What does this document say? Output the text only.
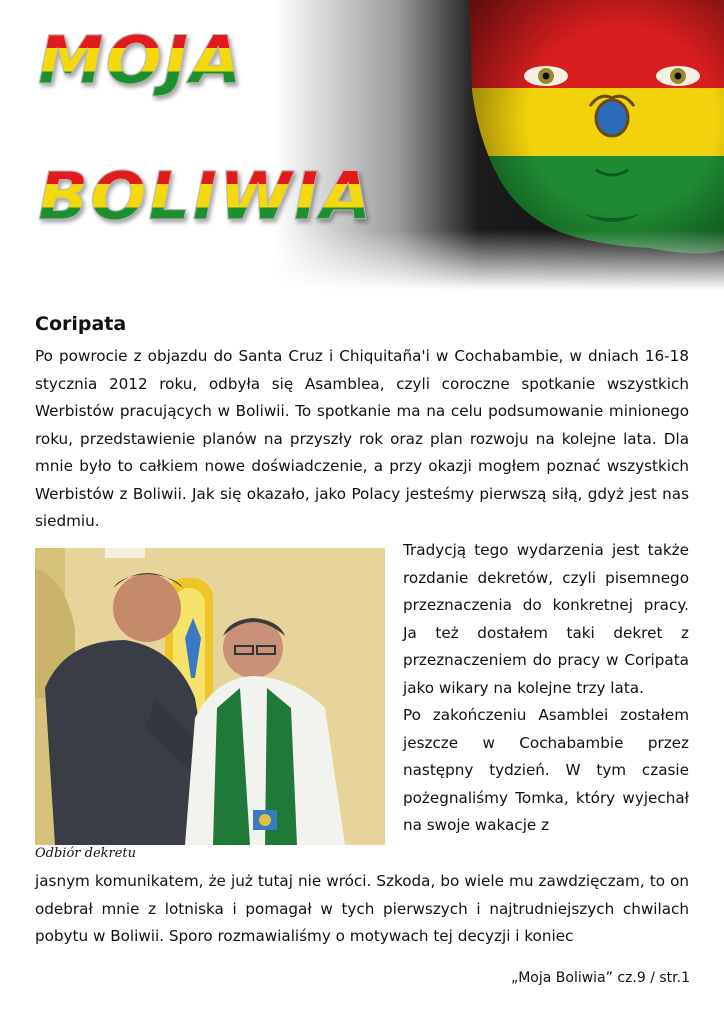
MOJA
BOLIWIA
Coripata

Po powrocie z objazdu do Santa Cruz i Chiquitaña'i w Cochabambie, w dniach 16-18 stycznia 2012 roku, odbyła się Asamblea, czyli coroczne spotkanie wszystkich Werbistów pracujących w Boliwii. To spotkanie ma na celu podsumowanie minionego roku, przedstawienie planów na przyszły rok oraz plan rozwoju na kolejne lata. Dla mnie było to całkiem nowe doświadczenie, a przy okazji mogłem poznać wszystkich Werbistów z Boliwii. Jak się okazało, jako Polacy jesteśmy pierwszą siłą, gdyż jest nas siedmiu.

Odbiór dekretu

Tradycją tego wydarzenia jest także rozdanie dekretów, czyli pisemnego przeznaczenia do konkretnej pracy. Ja też dostałem taki dekret z przeznaczeniem do pracy w Coripata jako wikary na kolejne trzy lata.

Po zakończeniu Asamblei zostałem jeszcze w Cochabambie przez następny tydzień. W tym czasie pożegnaliśmy Tomka, który wyjechał na swoje wakacje z

jasnym komunikatem, że już tutaj nie wróci. Szkoda, bo wiele mu zawdzięczam, to on odebrał mnie z lotniska i pomagał w tych pierwszych i najtrudniejszych chwilach pobytu w Boliwii. Sporo rozmawialiśmy o motywach tej decyzji i koniec

„Moja Boliwia” cz.9 / str.1
